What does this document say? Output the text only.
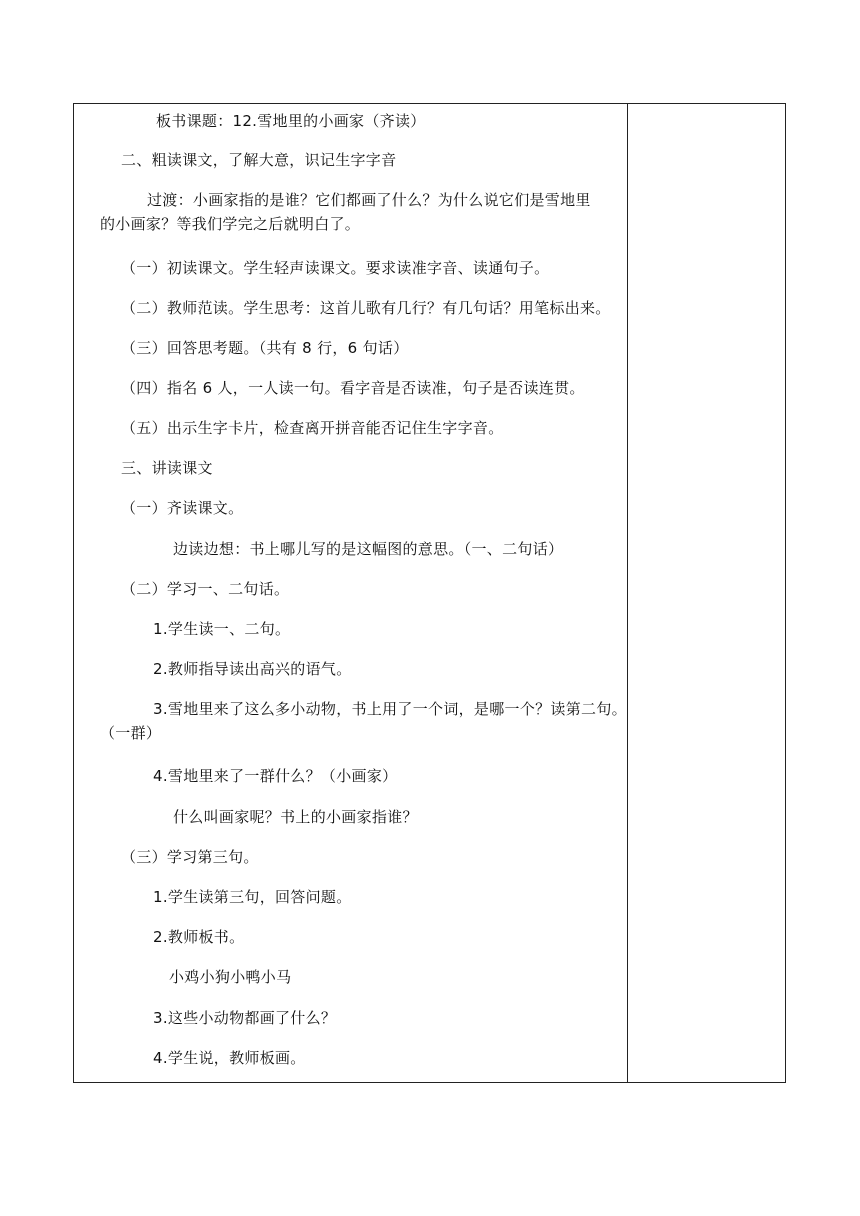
板书课题：12.雪地里的小画家（齐读）
二、粗读课文，了解大意，识记生字字音
过渡：小画家指的是谁？它们都画了什么？为什么说它们是雪地里
的小画家？等我们学完之后就明白了。
（一）初读课文。学生轻声读课文。要求读准字音、读通句子。
（二）教师范读。学生思考：这首儿歌有几行？有几句话？用笔标出来。
（三）回答思考题。（共有 8 行，6 句话）
（四）指名 6 人，一人读一句。看字音是否读准，句子是否读连贯。
（五）出示生字卡片，检查离开拼音能否记住生字字音。
三、讲读课文
（一）齐读课文。
边读边想：书上哪儿写的是这幅图的意思。（一、二句话）
（二）学习一、二句话。
1.学生读一、二句。
2.教师指导读出高兴的语气。
3.雪地里来了这么多小动物，书上用了一个词，是哪一个？读第二句。
（一群）
4.雪地里来了一群什么？（小画家）
什么叫画家呢？书上的小画家指谁？
（三）学习第三句。
1.学生读第三句，回答问题。
2.教师板书。
小鸡小狗小鸭小马
3.这些小动物都画了什么？
4.学生说，教师板画。
